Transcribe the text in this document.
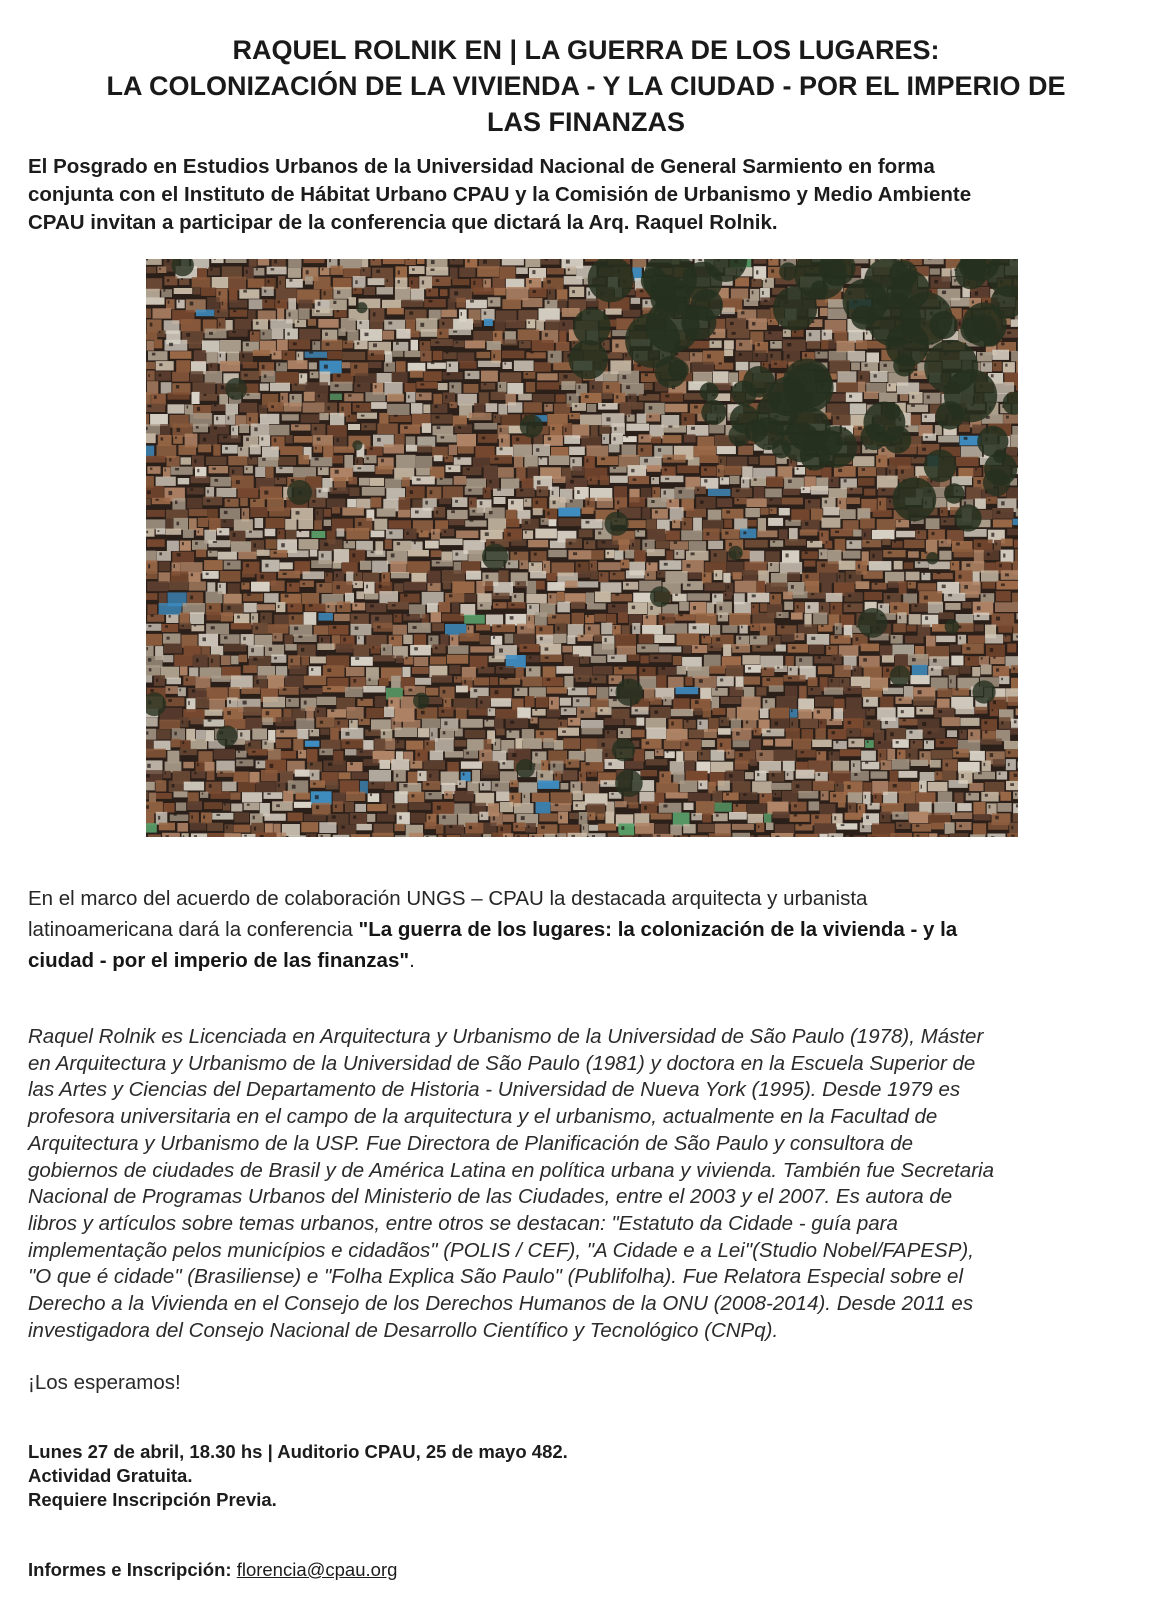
RAQUEL ROLNIK EN | LA GUERRA DE LOS LUGARES:
LA COLONIZACIÓN DE LA VIVIENDA - Y LA CIUDAD - POR EL IMPERIO DE
LAS FINANZAS

El Posgrado en Estudios Urbanos de la Universidad Nacional de General Sarmiento en forma
conjunta con el Instituto de Hábitat Urbano CPAU y la Comisión de Urbanismo y Medio Ambiente
CPAU invitan a participar de la conferencia que dictará la Arq. Raquel Rolnik.

En el marco del acuerdo de colaboración UNGS – CPAU la destacada arquitecta y urbanista
latinoamericana dará la conferencia "La guerra de los lugares: la colonización de la vivienda - y la
ciudad - por el imperio de las finanzas".

Raquel Rolnik es Licenciada en Arquitectura y Urbanismo de la Universidad de São Paulo (1978), Máster
en Arquitectura y Urbanismo de la Universidad de São Paulo (1981) y doctora en la Escuela Superior de
las Artes y Ciencias del Departamento de Historia - Universidad de Nueva York (1995). Desde 1979 es
profesora universitaria en el campo de la arquitectura y el urbanismo, actualmente en la Facultad de
Arquitectura y Urbanismo de la USP. Fue Directora de Planificación de São Paulo y consultora de
gobiernos de ciudades de Brasil y de América Latina en política urbana y vivienda. También fue Secretaria
Nacional de Programas Urbanos del Ministerio de las Ciudades, entre el 2003 y el 2007. Es autora de
libros y artículos sobre temas urbanos, entre otros se destacan: "Estatuto da Cidade - guía para
implementação pelos municípios e cidadãos" (POLIS / CEF), "A Cidade e a Lei"(Studio Nobel/FAPESP),
"O que é cidade" (Brasiliense) e "Folha Explica São Paulo" (Publifolha). Fue Relatora Especial sobre el
Derecho a la Vivienda en el Consejo de los Derechos Humanos de la ONU (2008-2014). Desde 2011 es
investigadora del Consejo Nacional de Desarrollo Científico y Tecnológico (CNPq).

¡Los esperamos!

Lunes 27 de abril, 18.30 hs | Auditorio CPAU, 25 de mayo 482.
Actividad Gratuita.
Requiere Inscripción Previa.

Informes e Inscripción: florencia@cpau.org
